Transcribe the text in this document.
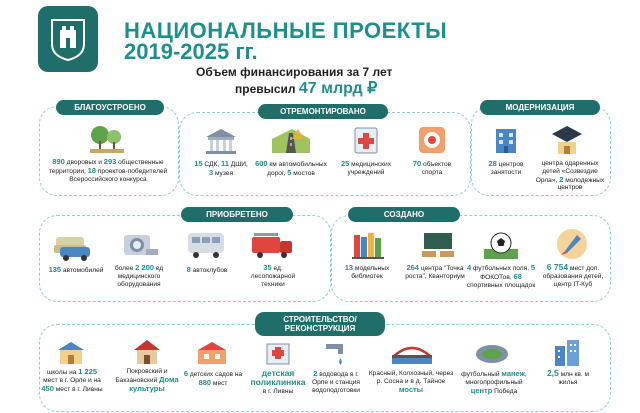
НАЦИОНАЛЬНЫЕ ПРОЕКТЫ
2019-2025 гг.
Объем финансирования за 7 лет
превысил 47 млрд ₽
БЛАГОУСТРОЕНО	ОТРЕМОНТИРОВАНО	МОДЕРНИЗАЦИЯ
ПРИОБРЕТЕНО	СОЗДАНО
СТРОИТЕЛЬСТВО/
РЕКОНСТРУКЦИЯ
890 дворовых и 293 общественные территории, 18 проектов-победителей Всероссийского конкурса
15 СДК, 11 ДШИ,
3 музея
600 км автомобильных дорог, 5 мостов
25 медицинских учреждений
70 объектов спорта
28 центров занятости
центра одаренных детей «Созвездие Орла», 2 молодежных центров
135 автомобилей	более 2 200 ед медицинского оборудования
8 автоклубов	35 ед. лесопожарной техники
13 модельных библиотек
264 центра "Точка роста", Кванториум
4 футбольных поля, 5 ФОКОТов, 68 спортивных площадок
6 754 мест доп. образования детей, центр IT-Куб
школы на 1 225 мест в г. Орле и на 450 мест в г. Ливны
Покровский и Бакзановский Дома культуры
6 детских садов на 880 мест
детская поликлиника в г. Ливны
2 водовода в г. Орле и станция водоподготовки
Красный, Колхозный, через р. Сосна и в д. Тайное мосты
футбольный манеж, многопрофильный центр Победа
2,5 млн кв. м жилья
